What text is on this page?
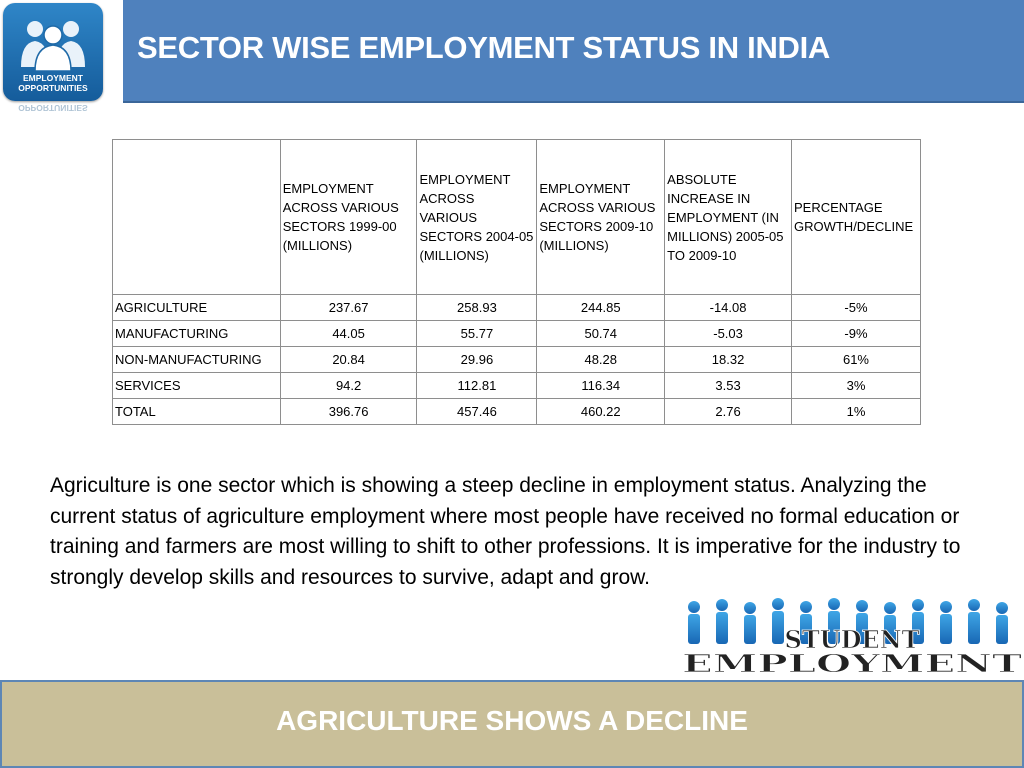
EMPLOYMENT
OPPORTUNITIES
OPPORTUNITIES
SECTOR WISE EMPLOYMENT STATUS IN INDIA
	EMPLOYMENT ACROSS VARIOUS SECTORS 1999-00 (MILLIONS)	EMPLOYMENT ACROSS VARIOUS SECTORS 2004-05 (MILLIONS)	EMPLOYMENT ACROSS VARIOUS SECTORS 2009-10 (MILLIONS)	ABSOLUTE INCREASE IN EMPLOYMENT (IN MILLIONS) 2005-05 TO 2009-10	PERCENTAGE GROWTH/DECLINE
AGRICULTURE	237.67	258.93	244.85	-14.08	-5%
MANUFACTURING	44.05	55.77	50.74	-5.03	-9%
NON-MANUFACTURING	20.84	29.96	48.28	18.32	61%
SERVICES	94.2	112.81	116.34	3.53	3%
TOTAL	396.76	457.46	460.22	2.76	1%

Agriculture is one sector which is showing a steep decline in employment status. Analyzing the current status of agriculture employment where most people have received no formal education or training and farmers are most willing to shift to other professions. It is imperative for the industry to strongly develop skills and resources to survive, adapt and grow.

STUDENT
EMPLOYMENT
AGRICULTURE SHOWS A DECLINE
